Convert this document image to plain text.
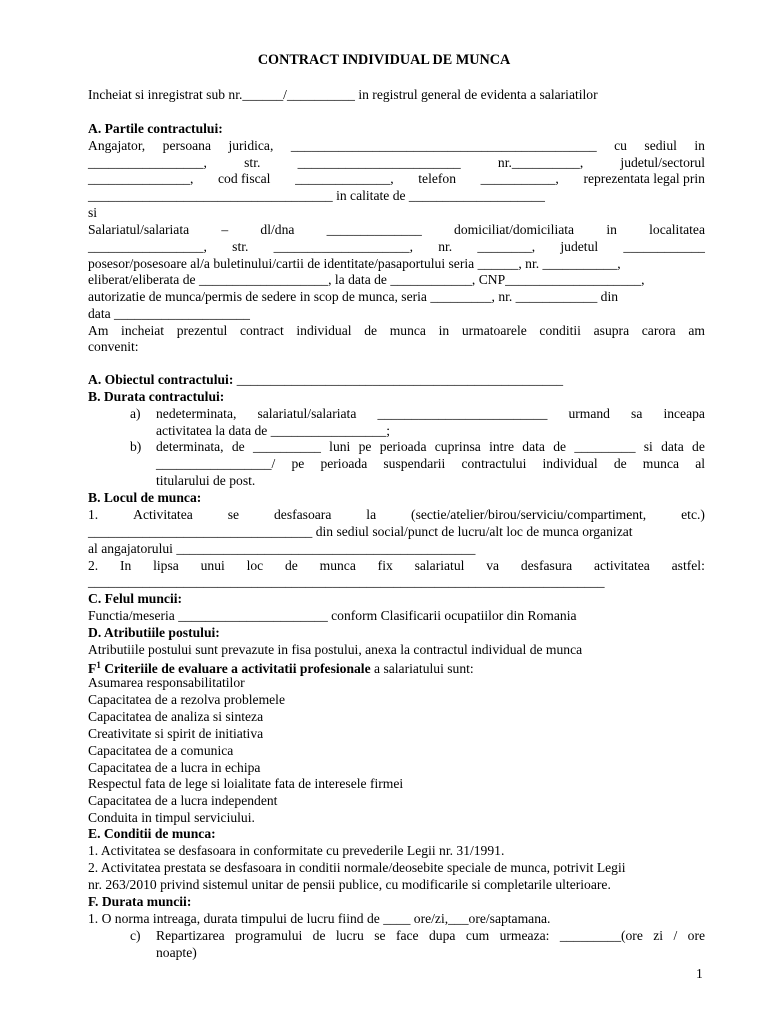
CONTRACT INDIVIDUAL DE MUNCA
Incheiat si inregistrat sub nr.______/__________ in registrul general de evidenta a salariatilor
A. Partile contractului:
Angajator, persoana juridica, _____________________________________________ cu sediul in
_________________,	str.	________________________	nr.__________,	judetul/sectorul
_______________, cod fiscal ______________, telefon ___________, reprezentata legal prin
____________________________________ in calitate de ____________________
si
Salariatul/salariata – dl/dna ______________ domiciliat/domiciliata in localitatea
_________________, str. ____________________, nr. ________, judetul ____________
posesor/posesoare al/a buletinului/cartii de identitate/pasaportului seria ______, nr. ___________,
eliberat/eliberata de ___________________, la data de ____________, CNP____________________,
autorizatie de munca/permis de sedere in scop de munca, seria _________, nr. ____________ din
data ____________________
Am incheiat prezentul contract individual de munca in urmatoarele conditii asupra carora am
convenit:
A. Obiectul contractului: ________________________________________________
B. Durata contractului:
a) nedeterminata, salariatul/salariata _________________________ urmand sa inceapa
activitatea la data de _________________;
b) determinata, de __________ luni pe perioada cuprinsa intre data de _________ si data de
_________________/ pe perioada suspendarii contractului individual de munca al
titularului de post.
B. Locul de munca:
1.	Activitatea	se	desfasoara	la	(sectie/atelier/birou/serviciu/compartiment,	etc.)
_________________________________ din sediul social/punct de lucru/alt loc de munca organizat
al angajatorului ____________________________________________
2. In lipsa unui loc de munca fix salariatul va desfasura activitatea astfel:
____________________________________________________________________________
C. Felul muncii:
Functia/meseria ______________________ conform Clasificarii ocupatiilor din Romania
D. Atributiile postului:
Atributiile postului sunt prevazute in fisa postului, anexa la contractul individual de munca
$F^1$ Criteriile de evaluare a activitatii profesionale a salariatului sunt:
Asumarea responsabilitatilor
Capacitatea de a rezolva problemele
Capacitatea de analiza si sinteza
Creativitate si spirit de initiativa
Capacitatea de a comunica
Capacitatea de a lucra in echipa
Respectul fata de lege si loialitate fata de interesele firmei
Capacitatea de a lucra independent
Conduita in timpul serviciului.
E. Conditii de munca:
1. Activitatea se desfasoara in conformitate cu prevederile Legii nr. 31/1991.
2. Activitatea prestata se desfasoara in conditii normale/deosebite speciale de munca, potrivit Legii
nr. 263/2010 privind sistemul unitar de pensii publice, cu modificarile si completarile ulterioare.
F. Durata muncii:
1. O norma intreaga, durata timpului de lucru fiind de ____ ore/zi,___ore/saptamana.
c) Repartizarea programului de lucru se face dupa cum urmeaza: _________(ore zi / ore
noapte)
1
